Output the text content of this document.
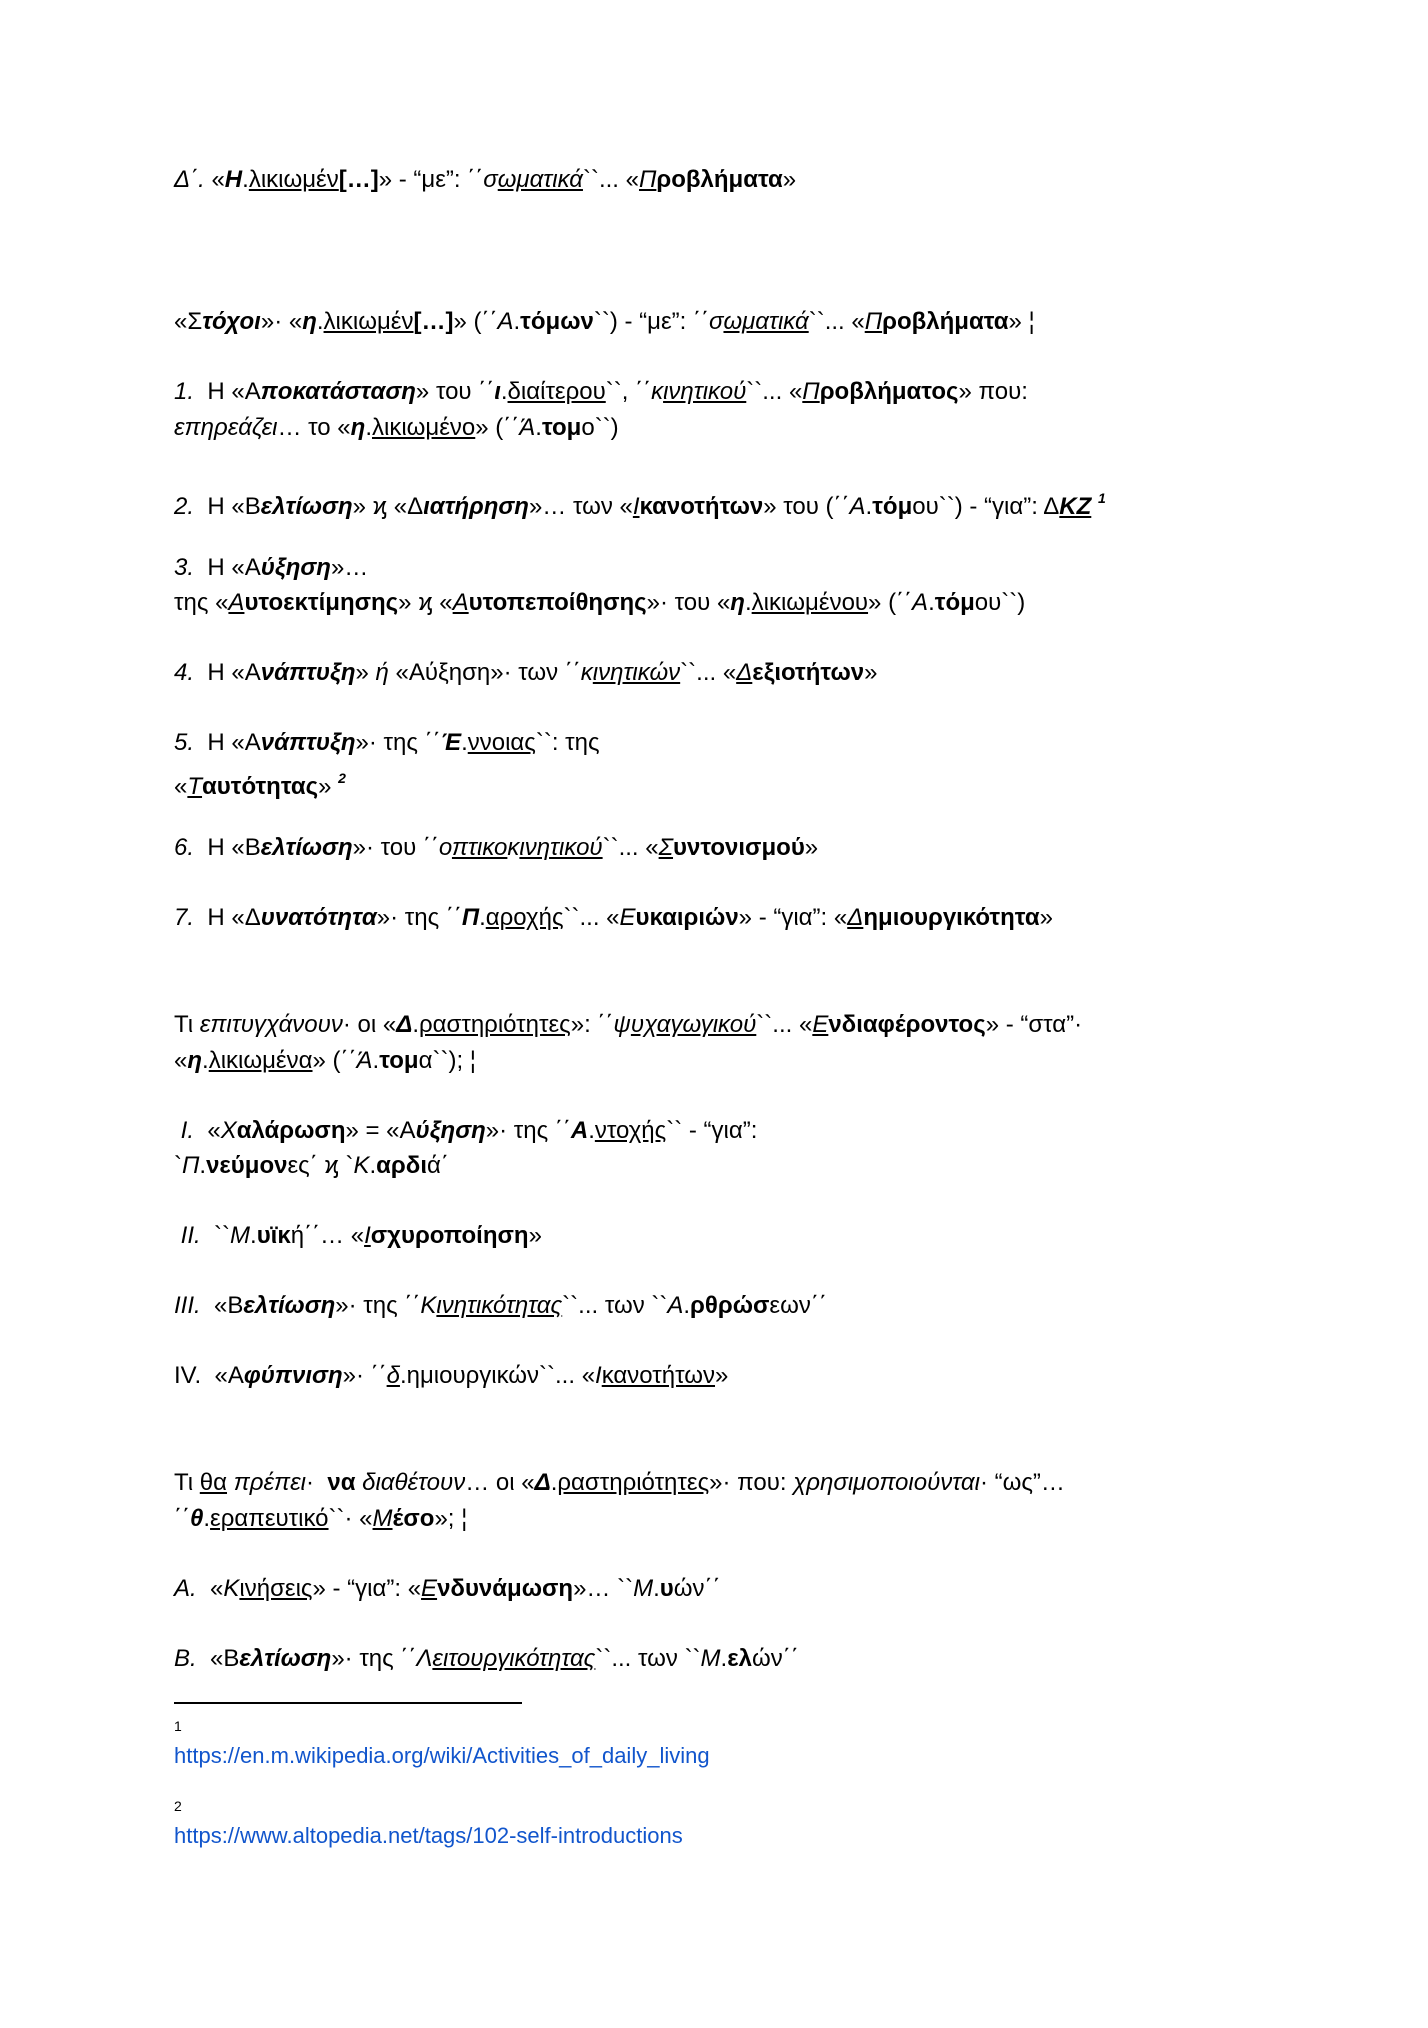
Δ΄. «Η.λικιωμέν[…]» - “με”: ΄΄σωματικά``... «Προβλήματα»
«Στόχοι»· «η.λικιωμέν[…]» (΄΄Α.τόμων``) - “με”: ΄΄σωματικά``... «Προβλήματα» ¦
1.  Η «Αποκατάσταση» του ΄΄ι.διαίτερου``, ΄΄κινητικού``... «Προβλήματος» που:
επηρεάζει… το «η.λικιωμένο» (΄΄Ά.τομο``)
2.  Η «Βελτίωση» ϗ «Διατήρηση»… των «Ικανοτήτων» του (΄΄Α.τόμου``) - “για”: ΔΚΖ $^1$
3.  Η «Αύξηση»…
της «Αυτοεκτίμησης» ϗ «Αυτοπεποίθησης»· του «η.λικιωμένου» (΄΄Α.τόμου``)
4.  Η «Ανάπτυξη» ή «Αύξηση»· των ΄΄κινητικών``... «Δεξιοτήτων»
5.  Η «Ανάπτυξη»· της ΄΄Έ.ννοιας``: της
«Ταυτότητας» $^2$
6.  Η «Βελτίωση»· του ΄΄οπτικοκινητικού``... «Συντονισμού»
7.  Η «Δυνατότητα»· της ΄΄Π.αροχής``... «Ευκαιριών» - “για”: «Δημιουργικότητα»
Τι επιτυγχάνουν· οι «Δ.ραστηριότητες»: ΄΄ψυχαγωγικού``... «Ενδιαφέροντος» - “στα”·
«η.λικιωμένα» (΄΄Ά.τομα``); ¦
I.  «Χαλάρωση» = «Αύξηση»· της ΄΄Α.ντοχής`` - “για”:
`Π.νεύμονες΄ ϗ `Κ.αρδιά΄
II.  ``Μ.υϊκή΄΄… «Ισχυροποίηση»
III.  «Βελτίωση»· της ΄΄Κινητικότητας``... των ``Α.ρθρώσεων΄΄
IV.  «Αφύπνιση»· ΄΄δ.ημιουργικών``... «Ικανοτήτων»
Τι θα πρέπει·  να διαθέτουν… οι «Δ.ραστηριότητες»· που: χρησιμοποιούνται· “ως”…
΄΄θ.εραπευτικό``· «Μέσο»; ¦
A.  «Κινήσεις» - “για”: «Ενδυνάμωση»… ``Μ.υών΄΄
B.  «Βελτίωση»· της ΄΄Λειτουργικότητας``... των ``Μ.ελών΄΄
1
https://en.m.wikipedia.org/wiki/Activities_of_daily_living
2
https://www.altopedia.net/tags/102-self-introductions
